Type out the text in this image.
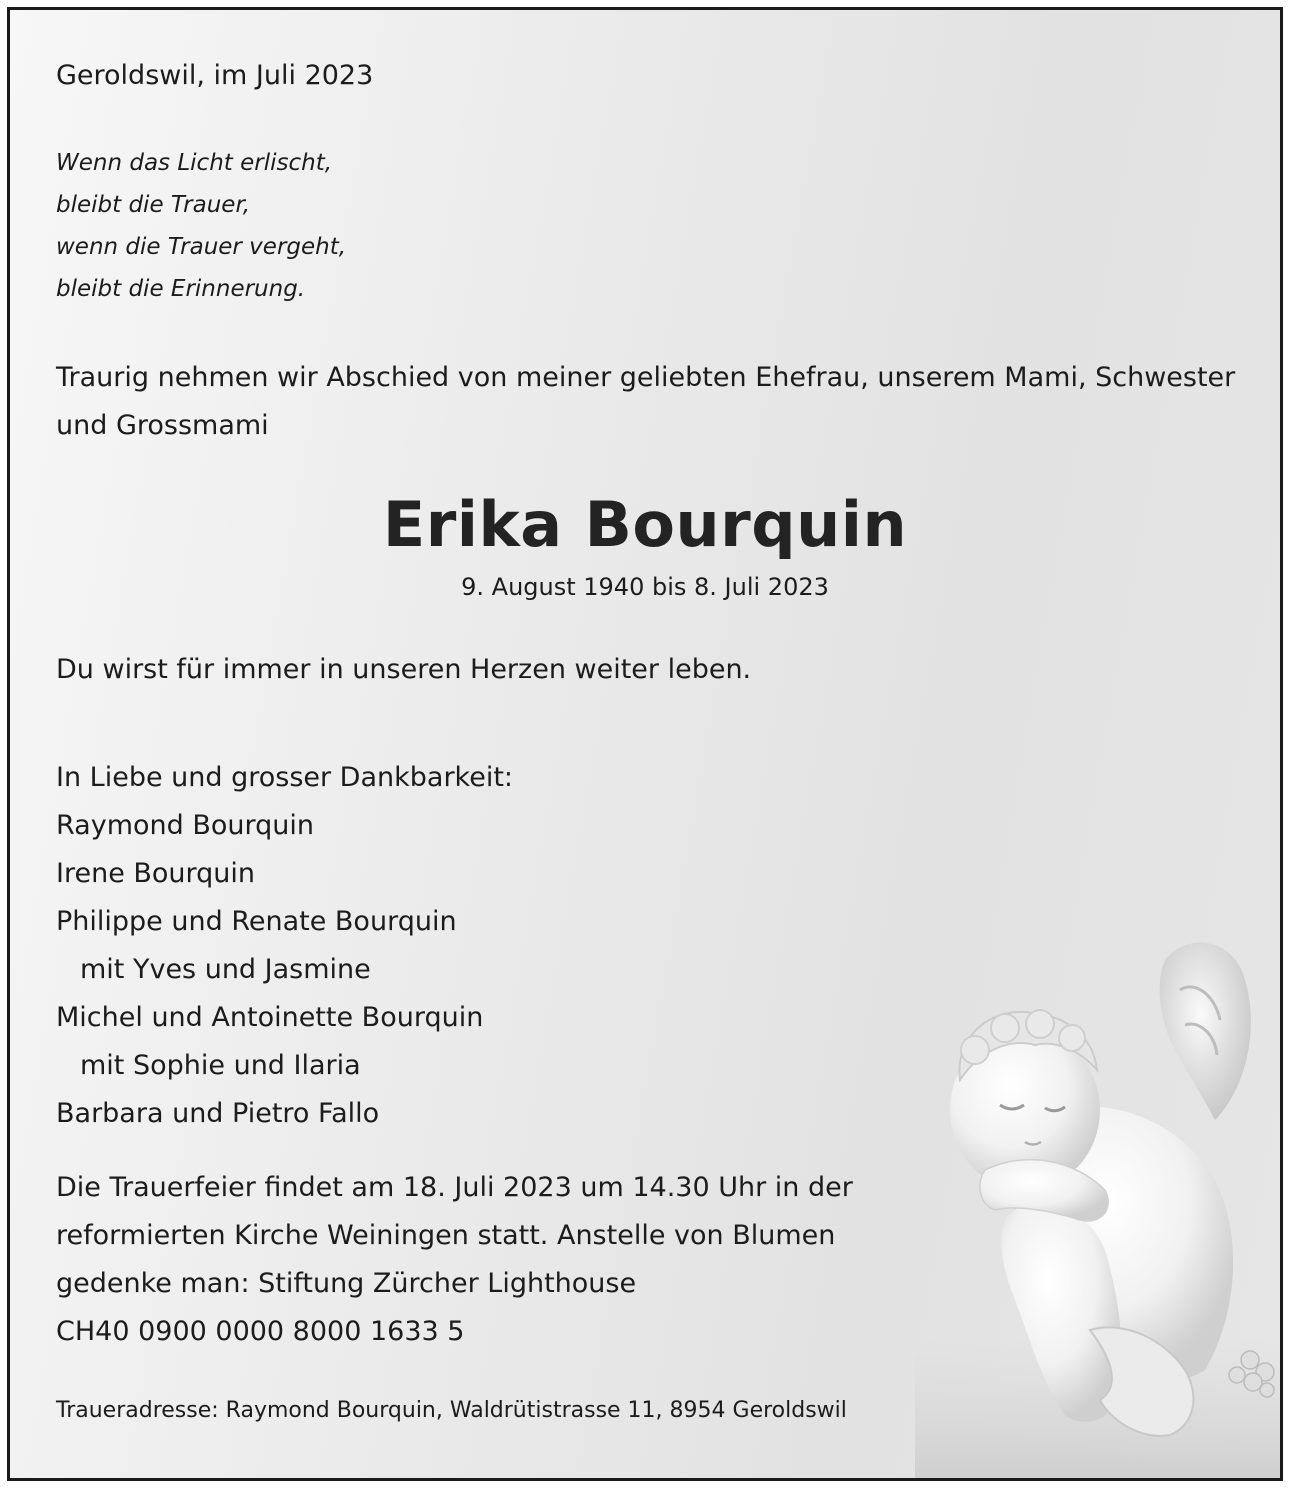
Geroldswil, im Juli 2023
Wenn das Licht erlischt,
bleibt die Trauer,
wenn die Trauer vergeht,
bleibt die Erinnerung.
Traurig nehmen wir Abschied von meiner geliebten Ehefrau, unserem Mami, Schwester und Grossmami
Erika Bourquin
9. August 1940 bis 8. Juli 2023
Du wirst für immer in unseren Herzen weiter leben.
In Liebe und grosser Dankbarkeit:
Raymond Bourquin
Irene Bourquin
Philippe und Renate Bourquin
mit Yves und Jasmine
Michel und Antoinette Bourquin
mit Sophie und Ilaria
Barbara und Pietro Fallo
Die Trauerfeier findet am 18. Juli 2023 um 14.30 Uhr in der
reformierten Kirche Weiningen statt. Anstelle von Blumen
gedenke man: Stiftung Zürcher Lighthouse
CH40 0900 0000 8000 1633 5
Traueradresse: Raymond Bourquin, Waldrütistrasse 11, 8954 Geroldswil
